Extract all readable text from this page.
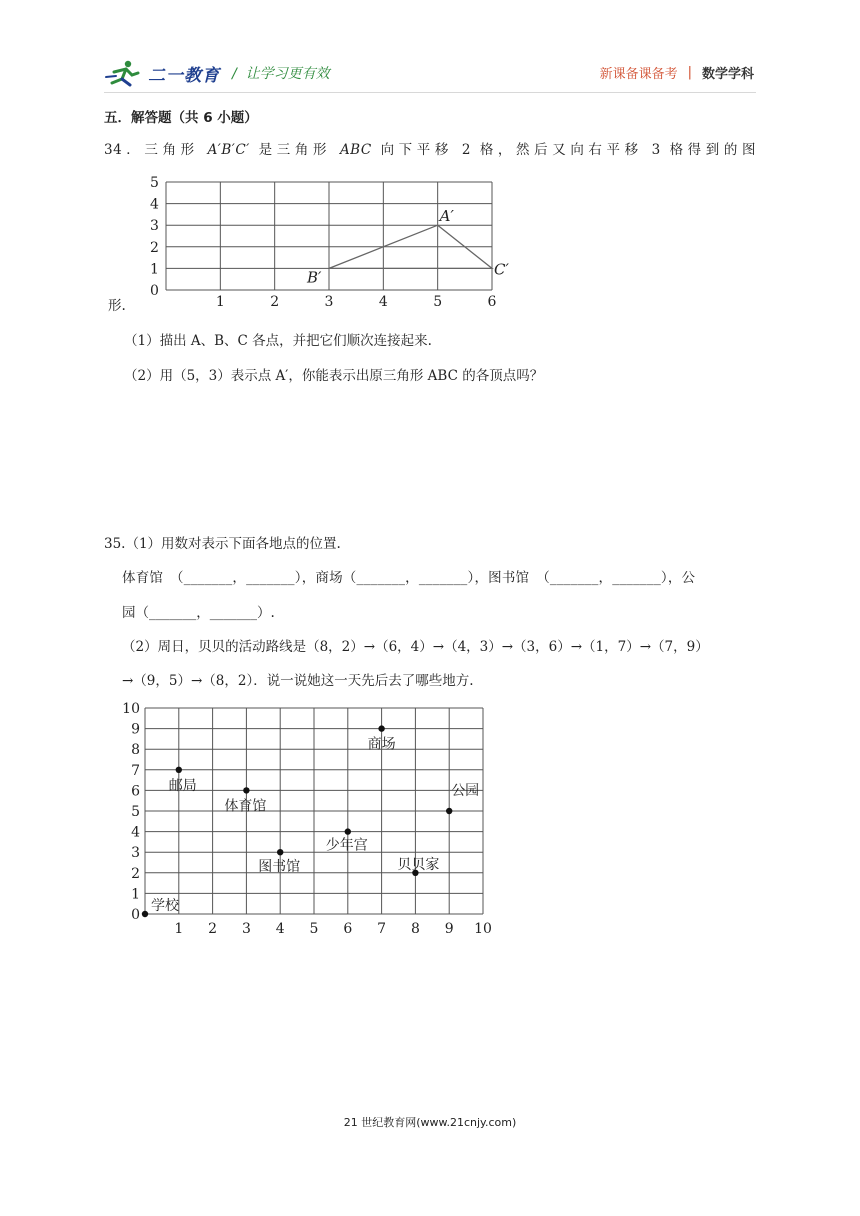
二一教育 /  让学习更有效	新课备课备考 | 数学学科
五．解答题（共 6 小题）
34．三角形 A′B′C′ 是三角形 ABC 向下平移 2 格，然后又向右平移 3 格得到的图
0
1
2
3
4
5
1	2	3	4	5	6
B′
A′
C′
形.
（1）描出 A、B、C 各点，并把它们顺次连接起来.
（2）用（5，3）表示点 A′，你能表示出原三角形 ABC 的各顶点吗？
35.（1）用数对表示下面各地点的位置.
体育馆　（_______，_______），商场（_______，_______），图书馆　（_______，_______），公
园（_______，_______）.
（2）周日，贝贝的活动路线是（8，2）→（6，4）→（4，3）→（3，6）→（1，7）→（7，9）
→（9，5）→（8，2）．说一说她这一天先后去了哪些地方.
0
1
2
3
4
5
6
7
8
9
10
1 2 3 4 5 6 7 8 9 10
学校
邮局
体育馆
图书馆
少年宫
商场
贝贝家
公园
21 世纪教育网(www.21cnjy.com)
